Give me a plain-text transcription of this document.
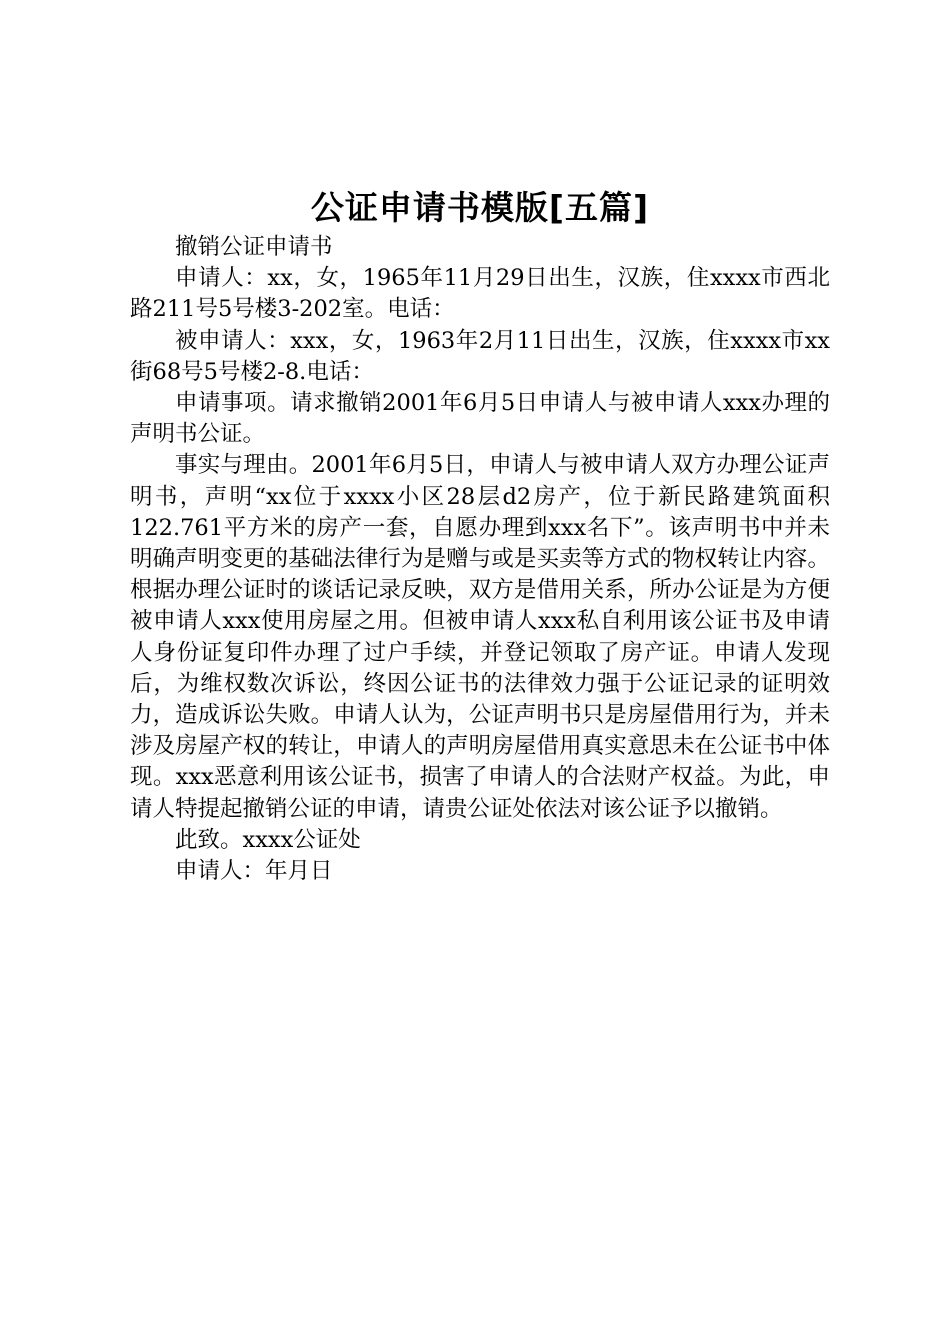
公证申请书模版[五篇]

撤销公证申请书

申请人：xx，女，1965年11月29日出生，汉族，住xxxx市西北路211号5号楼3-202室。电话：

被申请人：xxx，女，1963年2月11日出生，汉族，住xxxx市xx街68号5号楼2-8.电话：

申请事项。请求撤销2001年6月5日申请人与被申请人xxx办理的声明书公证。

事实与理由。2001年6月5日，申请人与被申请人双方办理公证声明书，声明“xx位于xxxx小区28层d2房产，位于新民路建筑面积122.761平方米的房产一套，自愿办理到xxx名下”。该声明书中并未明确声明变更的基础法律行为是赠与或是买卖等方式的物权转让内容。根据办理公证时的谈话记录反映，双方是借用关系，所办公证是为方便被申请人xxx使用房屋之用。但被申请人xxx私自利用该公证书及申请人身份证复印件办理了过户手续，并登记领取了房产证。申请人发现后，为维权数次诉讼，终因公证书的法律效力强于公证记录的证明效力，造成诉讼失败。申请人认为，公证声明书只是房屋借用行为，并未涉及房屋产权的转让，申请人的声明房屋借用真实意思未在公证书中体现。xxx恶意利用该公证书，损害了申请人的合法财产权益。为此，申请人特提起撤销公证的申请，请贵公证处依法对该公证予以撤销。

此致。xxxx公证处

申请人：年月日
